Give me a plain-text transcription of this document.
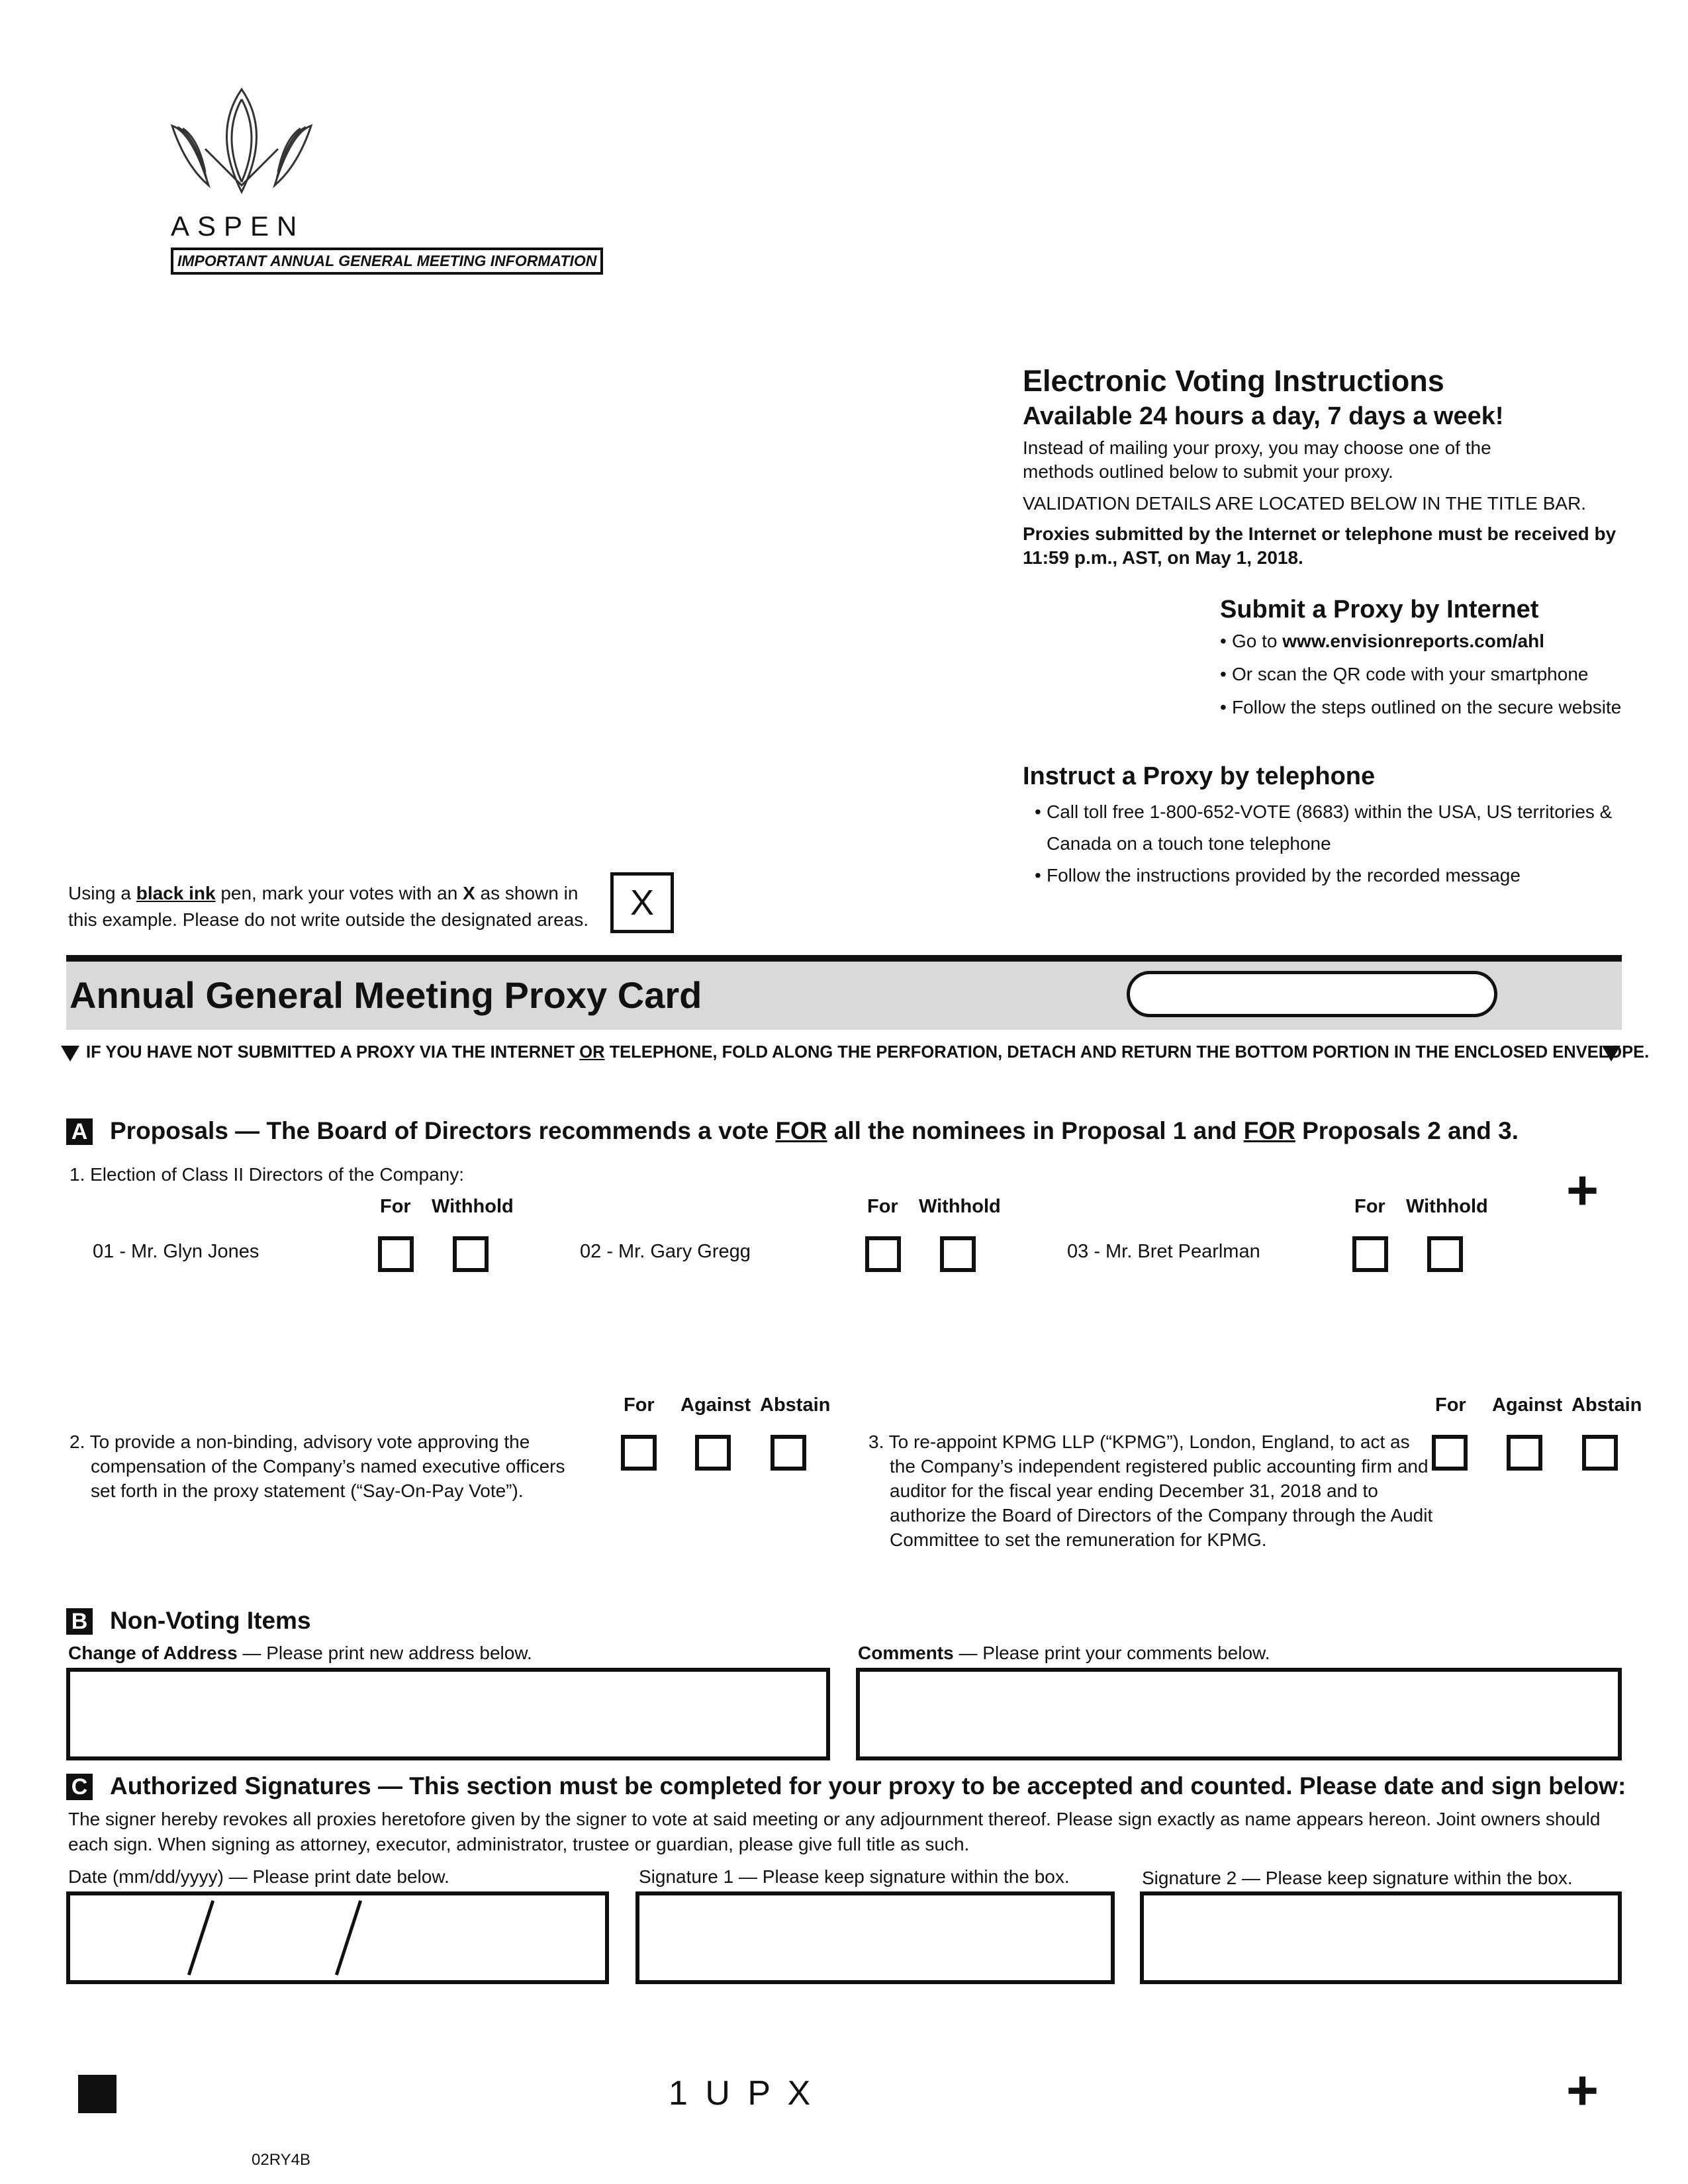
ASPEN
IMPORTANT ANNUAL GENERAL MEETING INFORMATION
Electronic Voting Instructions
Available 24 hours a day, 7 days a week!
Instead of mailing your proxy, you may choose one of the methods outlined below to submit your proxy.
VALIDATION DETAILS ARE LOCATED BELOW IN THE TITLE BAR.
Proxies submitted by the Internet or telephone must be received by 11:59 p.m., AST, on May 1, 2018.
Submit a Proxy by Internet
• Go to www.envisionreports.com/ahl
• Or scan the QR code with your smartphone
• Follow the steps outlined on the secure website
Instruct a Proxy by telephone
• Call toll free 1-800-652-VOTE (8683) within the USA, US territories & Canada on a touch tone telephone
• Follow the instructions provided by the recorded message
Using a black ink pen, mark your votes with an X as shown in this example. Please do not write outside the designated areas.	X
Annual General Meeting Proxy Card
IF YOU HAVE NOT SUBMITTED A PROXY VIA THE INTERNET OR TELEPHONE, FOLD ALONG THE PERFORATION, DETACH AND RETURN THE BOTTOM PORTION IN THE ENCLOSED ENVELOPE.
A Proposals — The Board of Directors recommends a vote FOR all the nominees in Proposal 1 and FOR Proposals 2 and 3.
1. Election of Class II Directors of the Company:	+
For Withhold	For Withhold	For Withhold
01 - Mr. Glyn Jones	02 - Mr. Gary Gregg	03 - Mr. Bret Pearlman
For Against Abstain
2. To provide a non-binding, advisory vote approving the compensation of the Company’s named executive officers set forth in the proxy statement (“Say-On-Pay Vote”).
For Against Abstain
3. To re-appoint KPMG LLP (“KPMG”), London, England, to act as the Company’s independent registered public accounting firm and auditor for the fiscal year ending December 31, 2018 and to authorize the Board of Directors of the Company through the Audit Committee to set the remuneration for KPMG.
B Non-Voting Items
Change of Address — Please print new address below.	Comments — Please print your comments below.
C Authorized Signatures — This section must be completed for your proxy to be accepted and counted. Please date and sign below:
The signer hereby revokes all proxies heretofore given by the signer to vote at said meeting or any adjournment thereof. Please sign exactly as name appears hereon. Joint owners should each sign. When signing as attorney, executor, administrator, trustee or guardian, please give full title as such.
Date (mm/dd/yyyy) — Please print date below.	Signature 1 — Please keep signature within the box.	Signature 2 — Please keep signature within the box.
1 U P X	+
02RY4B
